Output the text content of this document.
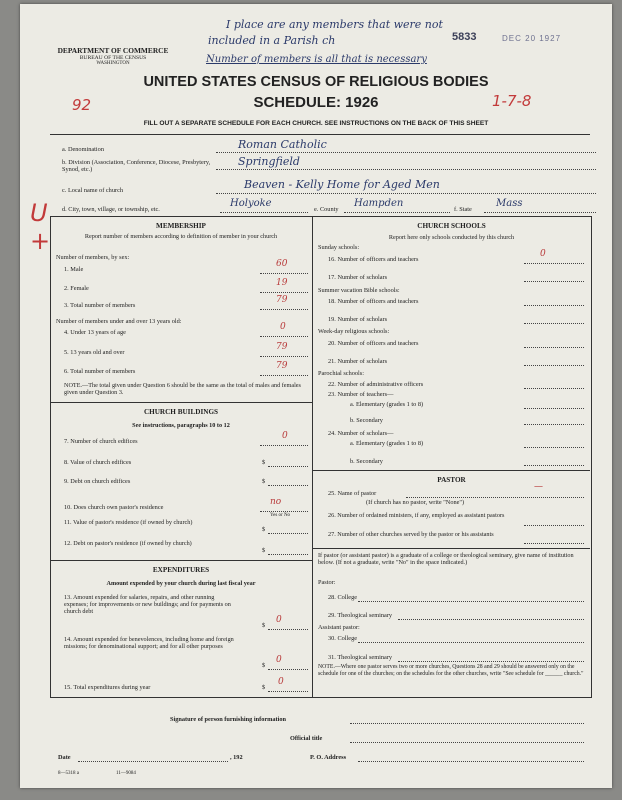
DEPARTMENT OF COMMERCE
BUREAU OF THE CENSUS
WASHINGTON
I place are any members that were not
included in a Parish ch	5833	DEC 20 1927
Number of members is all that is necessary
UNITED STATES CENSUS OF RELIGIOUS BODIES
SCHEDULE: 1926
92	1-7-8
U+
FILL OUT A SEPARATE SCHEDULE FOR EACH CHURCH. SEE INSTRUCTIONS ON THE BACK OF THIS SHEET
a. Denomination	Roman Catholic
b. Division (Association, Conference, Diocese, Presbytery, Synod, etc.)
Springfield
c. Local name of church	Beaven - Kelly Home for Aged Men
d. City, town, village, or township, etc.
Holyoke
e. County
Hampden
f. State
Mass
MEMBERSHIP
Report number of members according to definition of member in your church
Number of members, by sex:
1. Male
60
2. Female
19
3. Total number of members
79
Number of members under and over 13 years old:
4. Under 13 years of age
0
5. 13 years old and over
79
6. Total number of members
79
NOTE.—The total given under Question 6 should be the same as the total of males and females given under Question 3.
CHURCH BUILDINGS
See instructions, paragraphs 10 to 12
7. Number of church edifices
0
8. Value of church edifices	$
9. Debt on church edifices	$
10. Does church own pastor's residence
no
Yes or No
11. Value of pastor's residence (if owned by church)
$
12. Debt on pastor's residence (if owned by church)
$
EXPENDITURES
Amount expended by your church during last fiscal year
13. Amount expended for salaries, repairs, and other running expenses; for improvements or new buildings; and for payments on church debt
$
0
14. Amount expended for benevolences, including home and foreign missions; for denominational support; and for all other purposes
$
0
15. Total expenditures during year	$
0
CHURCH SCHOOLS
Report here only schools conducted by this church
Sunday schools:
16. Number of officers and teachers
0
17. Number of scholars
Summer vacation Bible schools:
18. Number of officers and teachers
19. Number of scholars
Week-day religious schools:
20. Number of officers and teachers
21. Number of scholars
Parochial schools:
22. Number of administrative officers
23. Number of teachers—
a. Elementary (grades 1 to 8)
b. Secondary
24. Number of scholars—
a. Elementary (grades 1 to 8)
b. Secondary
PASTOR
25. Name of pastor
—
(If church has no pastor, write "None")
26. Number of ordained ministers, if any, employed as assistant pastors
27. Number of other churches served by the pastor or his assistants
If pastor (or assistant pastor) is a graduate of a college or theological seminary, give name of institution below. (If not a graduate, write "No" in the space indicated.)
Pastor:
28. College
29. Theological seminary
Assistant pastor:
30. College
31. Theological seminary
NOTE.—Where one pastor serves two or more churches, Questions 28 and 29 should be answered only on the schedule for one of the churches; on the schedules for the other churches, write "See schedule for ______ church."
Signature of person furnishing information
Official title
Date	, 192	P. O. Address
8—5318 a	11—9084
